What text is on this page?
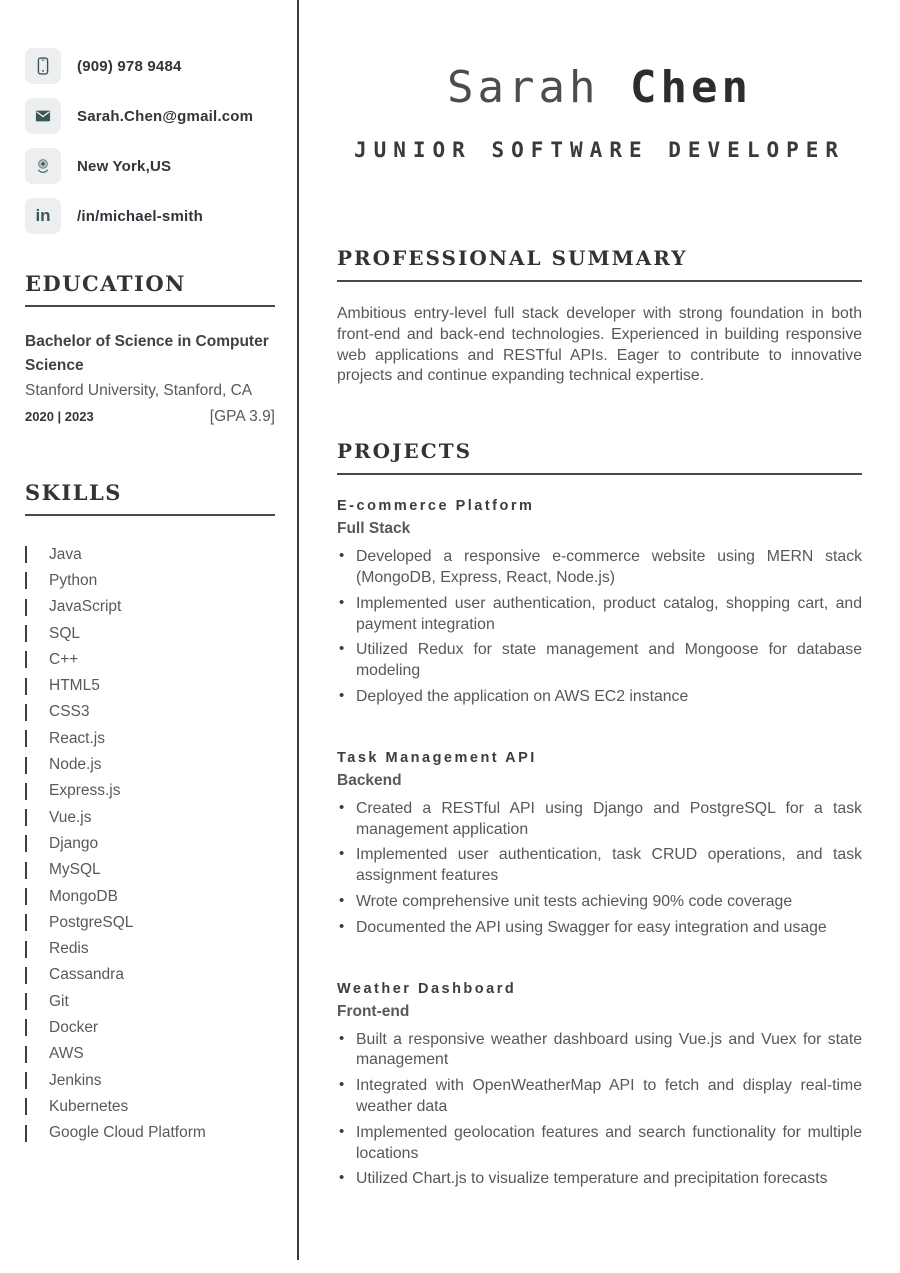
(909) 978 9484
Sarah.Chen@gmail.com
New York,US
in /in/michael-smith
EDUCATION
Bachelor of Science in Computer Science
Stanford University, Stanford, CA
2020 | 2023	[GPA 3.9]
SKILLS
Java
Python
JavaScript
SQL
C++
HTML5
CSS3
React.js
Node.js
Express.js
Vue.js
Django
MySQL
MongoDB
PostgreSQL
Redis
Cassandra
Git
Docker
AWS
Jenkins
Kubernetes
Google Cloud Platform
Sarah Chen
JUNIOR SOFTWARE DEVELOPER
PROFESSIONAL SUMMARY

Ambitious entry-level full stack developer with strong foundation in both front-end and back-end technologies. Experienced in building responsive web applications and RESTful APIs. Eager to contribute to innovative projects and continue expanding technical expertise.

PROJECTS
E-commerce Platform
Full Stack
• Developed a responsive e-commerce website using MERN stack (MongoDB, Express, React, Node.js)
• Implemented user authentication, product catalog, shopping cart, and payment integration
• Utilized Redux for state management and Mongoose for database modeling
• Deployed the application on AWS EC2 instance
Task Management API
Backend
• Created a RESTful API using Django and PostgreSQL for a task management application
• Implemented user authentication, task CRUD operations, and task assignment features
• Wrote comprehensive unit tests achieving 90% code coverage
• Documented the API using Swagger for easy integration and usage
Weather Dashboard
Front-end
• Built a responsive weather dashboard using Vue.js and Vuex for state management
• Integrated with OpenWeatherMap API to fetch and display real-time weather data
• Implemented geolocation features and search functionality for multiple locations
• Utilized Chart.js to visualize temperature and precipitation forecasts
